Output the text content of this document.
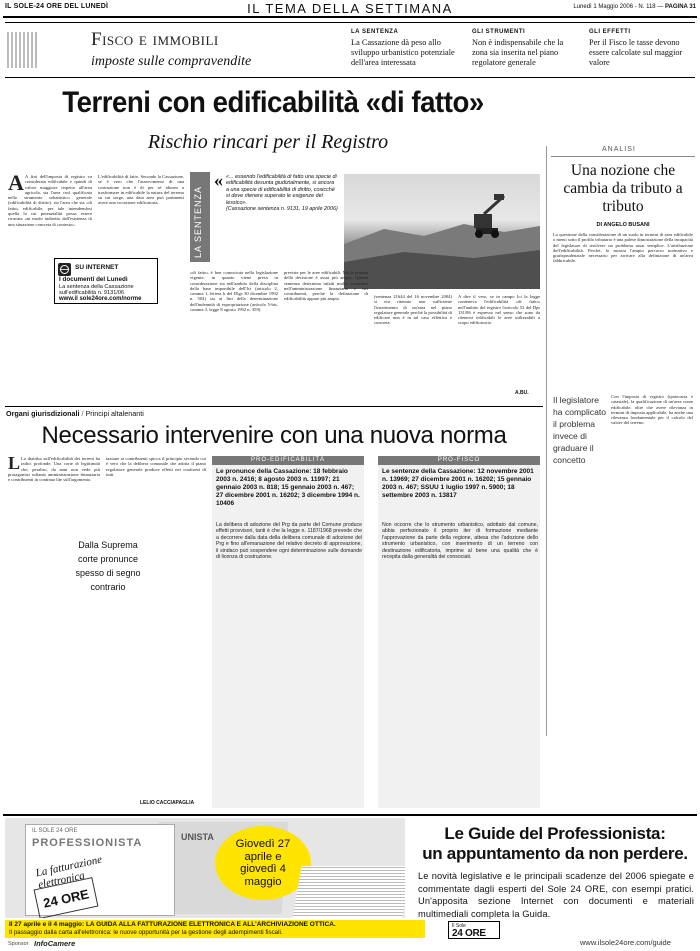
IL SOLE-24 ORE DEL LUNEDÌ	IL TEMA DELLA SETTIMANA	Lunedì 1 Maggio 2006 - N. 118 — PAGINA 31
Fisco e immobili
imposte sulle compravendite
LA SENTENZA
La Cassazione dà peso allo sviluppo urbanistico potenziale dell'area interessata
GLI STRUMENTI
Non è indispensabile che la zona sia inserita nel piano regolatore generale
GLI EFFETTI
Per il Fisco le tasse devono essere calcolate sul maggior valore
Terreni con edificabilità «di fatto»
Rischio rincari per il Registro
A A fini dell'imposta di registro va considerata edificabile e quindi di valore maggiore rispetto all'area agricola, sia l'area così qualificata nello strumento urbanistico generale (edificabilità di diritto), sia l'area che sia «di fatto» edificabile, per tale intendendosi quella la cui potenzialità possa essere ricavata «in modo indiretto dall'esistenza di una situazione concreta di contesto».
L'edificabilità di fatto. Secondo la Cassazione, se è vero che l'asservimento di una costruzione non è di per sé idoneo a trasformare in edificabile la natura del terreno su cui sorge, una data area può parimenti avere una vocazione edificatoria.
SU INTERNET
I documenti del Lunedì
La sentenza della Cassazione sull'edificabilità n. 9131/06
www.il sole24ore.com/norme
LA SENTENZA
« «... essendo l'edificabilità di fatto una specie di edificabilità desunta giudizialmente, si ancora a una specie di edificabilità di diritto, cosicché si deve ritenere superato le esigenze del lessico».
(Cassazione sentenza n. 9131, 19 aprile 2006)
«di fatto» è ben conosciuta nella legislazione vigente, in quanto viene presa in considerazione sia nell'ambito della disciplina della base imponibile dell'Ici (articolo 2, comma 1, lettera b del Dlgs 30 dicembre 1992 n. 504) sia ai fini della determinazione dell'indennità di espropriazione (articolo 5-bis, comma 3, legge 8 agosto 1992 n. 359).
previste per le aree edificabili. Ma la portata della decisione è assai più ampia. Questa sentenza determina infatti molto sconcerto nell'amministrazione finanziaria e nei contribuenti, perché la definizione di edificabilità appare più ampia.	(sentenza 21644 del 16 novembre 2004) si era ritenuto non sufficiente l'inserimento di un'area nel piano regolatore generale perché la possibilità di edificare non è in tal caso effettiva e concreta.
A dire il vero, se in campo Ici la legge conteneva l'edificabilità «di fatto» nell'ambito del registro l'articolo 52 del Dpr 131/86 è espresso nel senso che sono da ritenersi edificabili le aree utilizzabili a scopo edificatorio.
A.BU.
ANALISI
Una nozione che cambia da tributo a tributo
DI ANGELO BUSANI
La questione della considerazione di un suolo in termini di area edificabile o meno sotto il profilo tributario è una palese dimostrazione della incapacità del legislatore di risolvere un problema assai semplice. L'attribuzione dell'edificabilità. Perché, lo mostra l'ampio percorso normativo e giurisprudenziale necessario per arrivare alla definizione di un'area fabbricabile.
Il legislatore ha complicato il problema invece di graduare il concetto
Con l'imposta di registro (ipotecaria e catastale), la qualificazione di un'area come edificabile, oltre che avere rilevanza in termini di imposta applicabile, ha anche una rilevanza fondamentale per il calcolo del valore del terreno.
Organi giurisdizionali / Principi altalenanti
Necessario intervenire con una nuova norma
L La diatriba sull'edificabilità dei terreni ha radici profonde. Una corte di legittimità che, peraltro, da anni non vede più protagonisti soltanto amministrazione finanziaria e contribuenti in continua lite sull'argomento.
Dalla Suprema corte pronunce spesso di segno contrario
tazione ai contribuenti spicca il principio secondo cui è vero che la delibera comunale che adotta il piano regolatore generale produce effetti nei confronti di tutti.
LELIO CACCIAPAGLIA
PRO-EDIFICABILITÀ
Le pronunce della Cassazione: 18 febbraio 2003 n. 2416; 8 agosto 2003 n. 11997; 21 gennaio 2003 n. 818; 15 gennaio 2003 n. 467; 27 dicembre 2001 n. 16202; 3 dicembre 1994 n. 10406
La delibera di adozione del Prg da parte del Comune produce effetti provvisori, tanti è che la legge n. 1187/1968 prevede che a decorrere dalla data della delibera comunale di adozione del Prg e fino all'emanazione del relativo decreto di approvazione, il sindaco può sospendere ogni determinazione sulle domande di licenza di costruzione.
PRO-FISCO
Le sentenze della Cassazione: 12 novembre 2001 n. 13969; 27 dicembre 2001 n. 16202; 15 gennaio 2003 n. 467; SSUU 1 luglio 1997 n. 5900; 18 settembre 2003 n. 13817
Non occorre che lo strumento urbanistico, adottato dal comune, abbia perfezionato il proprio iter di formazione mediante l'approvazione da parte della regione, attesa che l'adozione dello strumento urbanistico, con inserimento di un terreno con destinazione edificatoria, imprime al bene una qualità che è recepita dalla generalità dei consociati.
IL SOLE 24 ORE
PROFESSIONISTA
La fatturazione elettronica
24 ORE
UNISTA
Giovedì 27 aprile e giovedì 4 maggio
Le Guide del Professionista:
un appuntamento da non perdere.
Le novità legislative e le principali scadenze del 2006 spiegate e commentate dagli esperti del Sole 24 ORE, con esempi pratici. Un'apposita sezione Internet con documenti e materiali multimediali completa la Guida.
Il 27 aprile e il 4 maggio: LA GUIDA ALLA FATTURAZIONE ELETTRONICA E ALL'ARCHIVIAZIONE OTTICA.
Il passaggio dalla carta all'elettronica: le nuove opportunità per la gestione degli adempimenti fiscali.
Il Sole
24 ORE
Sponsor InfoCamere	www.ilsole24ore.com/guide
